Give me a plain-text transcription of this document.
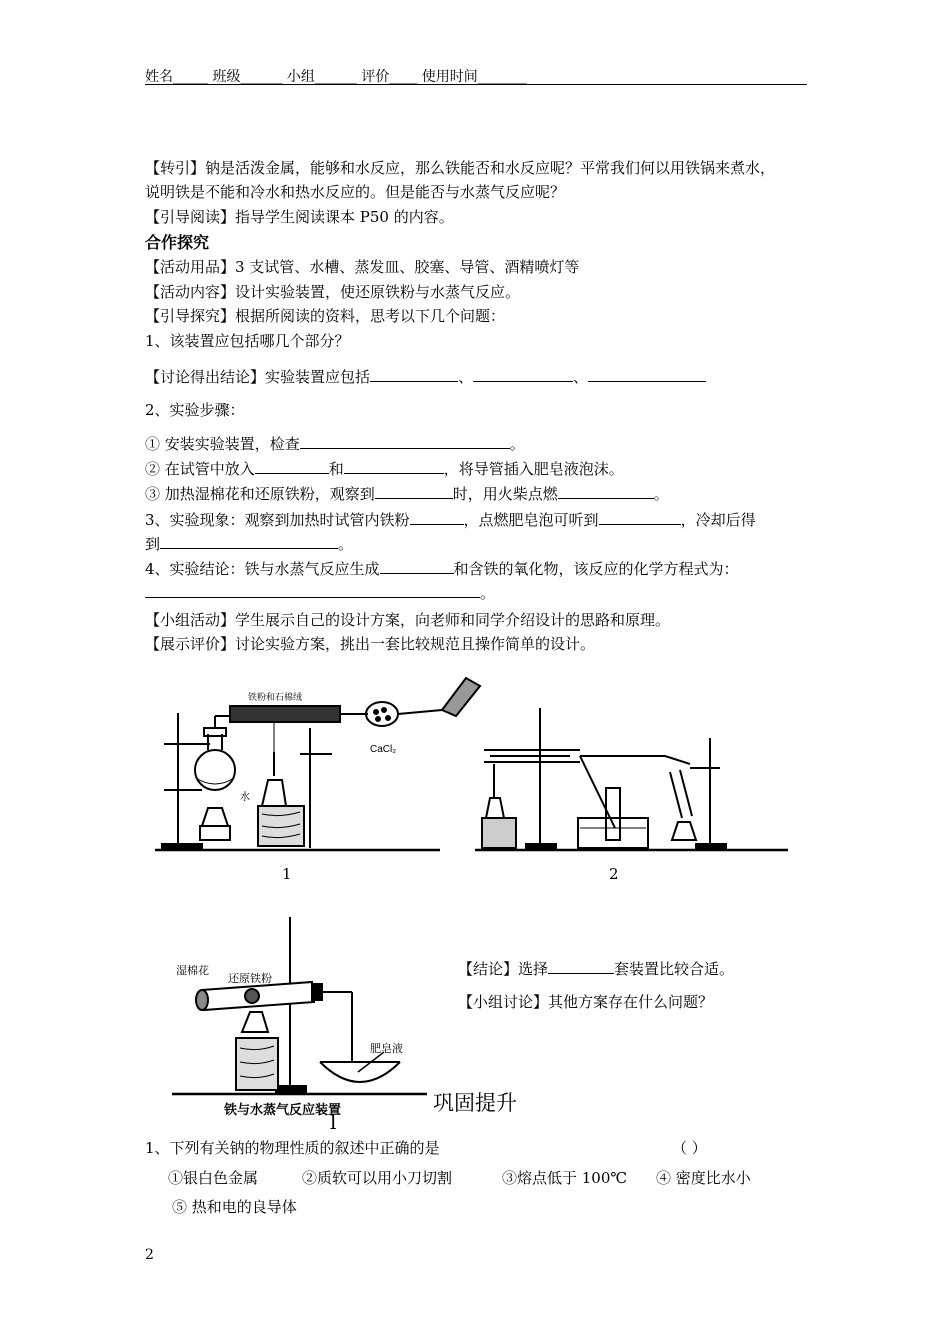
姓名_____ 班级______ 小组______ 评价____ 使用时间_______
【转引】钠是活泼金属，能够和水反应，那么铁能否和水反应呢？平常我们何以用铁锅来煮水，
说明铁是不能和冷水和热水反应的。但是能否与水蒸气反应呢？
【引导阅读】指导学生阅读课本 P50 的内容。
合作探究
【活动用品】3 支试管、水槽、蒸发皿、胶塞、导管、酒精喷灯等
【活动内容】设计实验装置，使还原铁粉与水蒸气反应。
【引导探究】根据所阅读的资料，思考以下几个问题：
1、该装置应包括哪几个部分？
【讨论得出结论】实验装置应包括	、	、
2、实验步骤：
① 安装实验装置，检查	。
② 在试管中放入	和	，将导管插入肥皂液泡沫。
③ 加热湿棉花和还原铁粉，观察到	时，用火柴点燃	。
3、实验现象：观察到加热时试管内铁粉	，点燃肥皂泡可听到	，冷却后得
到	。
4、实验结论：铁与水蒸气反应生成	和含铁的氧化物，该反应的化学方程式为：
。
【小组活动】学生展示自己的设计方案，向老师和同学介绍设计的思路和原理。
【展示评价】讨论实验方案，挑出一套比较规范且操作简单的设计。
铁粉和石棉绒
水
CaCl₂
1	2
湿棉花
还原铁粉
肥皂液
铁与水蒸气反应装置
【结论】选择	套装置比较合适。
【小组讨论】其他方案存在什么问题？
巩固提升
l
1、下列有关钠的物理性质的叙述中正确的是	（ ）
①银白色金属	②质软可以用小刀切割	③熔点低于 100℃ ④ 密度比水小
⑤ 热和电的良导体
2
